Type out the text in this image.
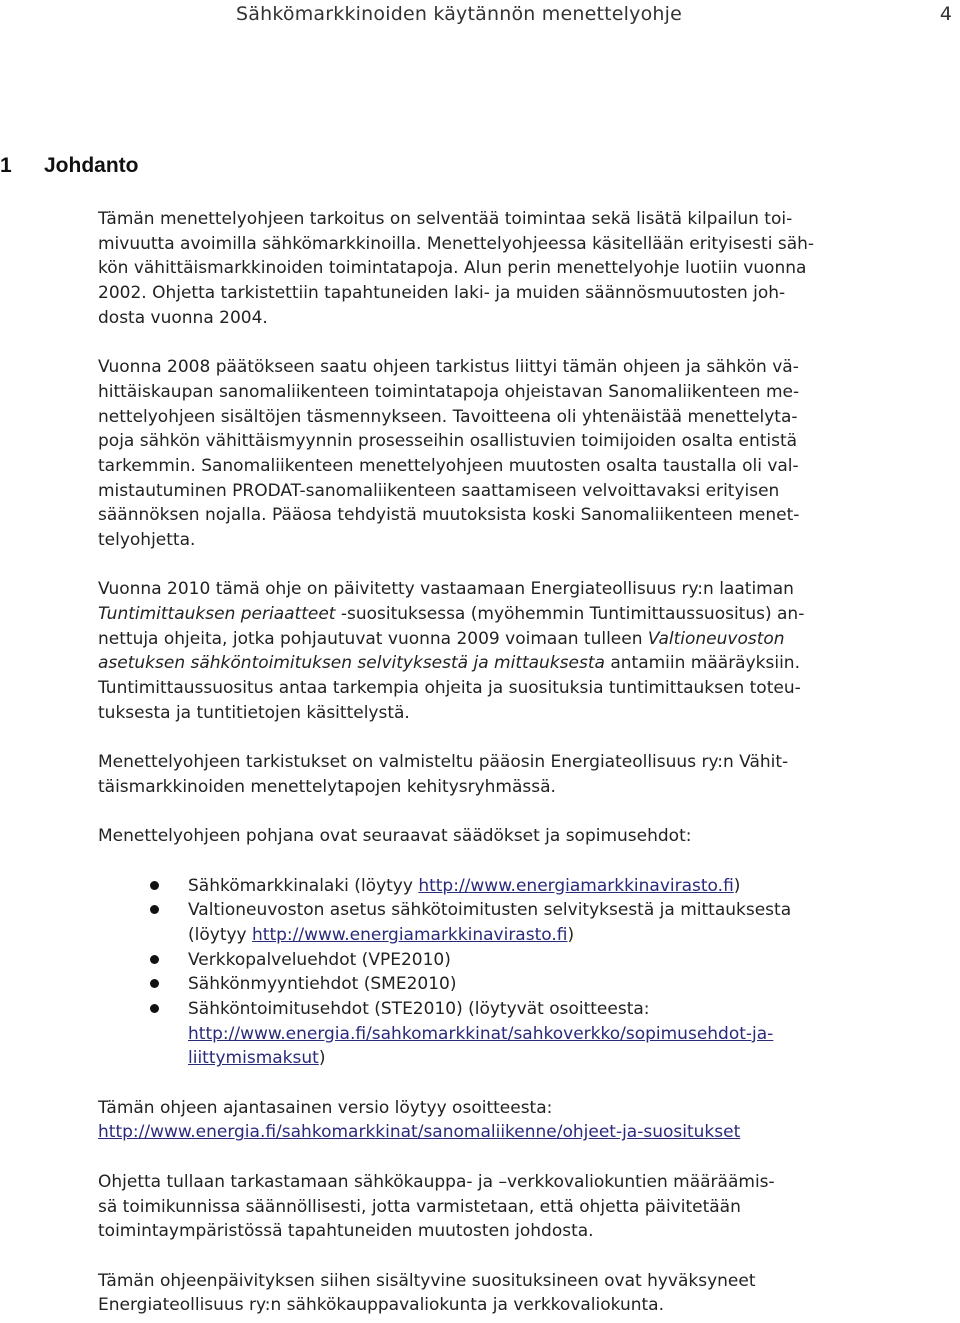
Sähkömarkkinoiden käytännön menettelyohje	4
1 Johdanto

Tämän menettelyohjeen tarkoitus on selventää toimintaa sekä lisätä kilpailun toi-
mivuutta avoimilla sähkömarkkinoilla. Menettelyohjeessa käsitellään erityisesti säh-
kön vähittäismarkkinoiden toimintatapoja. Alun perin menettelyohje luotiin vuonna
2002. Ohjetta tarkistettiin tapahtuneiden laki- ja muiden säännösmuutosten joh-
dosta vuonna 2004.

Vuonna 2008 päätökseen saatu ohjeen tarkistus liittyi tämän ohjeen ja sähkön vä-
hittäiskaupan sanomaliikenteen toimintatapoja ohjeistavan Sanomaliikenteen me-
nettelyohjeen sisältöjen täsmennykseen. Tavoitteena oli yhtenäistää menettelyta-
poja sähkön vähittäismyynnin prosesseihin osallistuvien toimijoiden osalta entistä
tarkemmin. Sanomaliikenteen menettelyohjeen muutosten osalta taustalla oli val-
mistautuminen PRODAT-sanomaliikenteen saattamiseen velvoittavaksi erityisen
säännöksen nojalla. Pääosa tehdyistä muutoksista koski Sanomaliikenteen menet-
telyohjetta.

Vuonna 2010 tämä ohje on päivitetty vastaamaan Energiateollisuus ry:n laatiman
Tuntimittauksen periaatteet -suosituksessa (myöhemmin Tuntimittaussuositus) an-
nettuja ohjeita, jotka pohjautuvat vuonna 2009 voimaan tulleen Valtioneuvoston
asetuksen sähköntoimituksen selvityksestä ja mittauksesta antamiin määräyksiin.
Tuntimittaussuositus antaa tarkempia ohjeita ja suosituksia tuntimittauksen toteu-
tuksesta ja tuntitietojen käsittelystä.

Menettelyohjeen tarkistukset on valmisteltu pääosin Energiateollisuus ry:n Vähit-
täismarkkinoiden menettelytapojen kehitysryhmässä.

Menettelyohjeen pohjana ovat seuraavat säädökset ja sopimusehdot:

Sähkömarkkinalaki (löytyy http://www.energiamarkkinavirasto.fi)
Valtioneuvoston asetus sähkötoimitusten selvityksestä ja mittauksesta
(löytyy http://www.energiamarkkinavirasto.fi)
Verkkopalveluehdot (VPE2010)
Sähkönmyyntiehdot (SME2010)
Sähköntoimitusehdot (STE2010) (löytyvät osoitteesta:
http://www.energia.fi/sahkomarkkinat/sahkoverkko/sopimusehdot-ja-
liittymismaksut)

Tämän ohjeen ajantasainen versio löytyy osoitteesta:
http://www.energia.fi/sahkomarkkinat/sanomaliikenne/ohjeet-ja-suositukset

Ohjetta tullaan tarkastamaan sähkökauppa- ja –verkkovaliokuntien määräämis-
sä toimikunnissa säännöllisesti, jotta varmistetaan, että ohjetta päivitetään
toimintaympäristössä tapahtuneiden muutosten johdosta.

Tämän ohjeenpäivityksen siihen sisältyvine suosituksineen ovat hyväksyneet
Energiateollisuus ry:n sähkökauppavaliokunta ja verkkovaliokunta.
